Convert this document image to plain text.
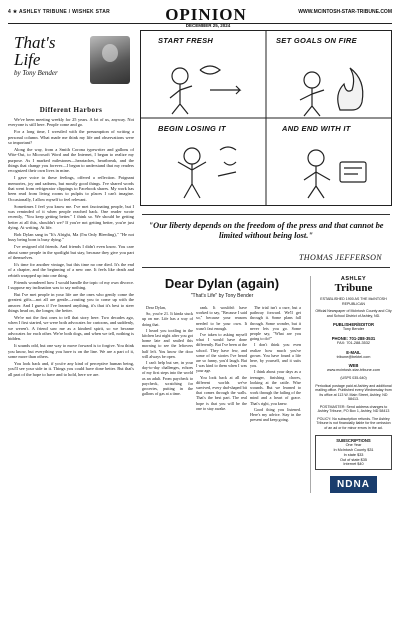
4 ★ ASHLEY TRIBUNE / WISHEK STAR	OPINION
DECEMBER 25, 2024
WWW.MCINTOSH-STAR-TRIBUNE.COM
That's
Life
by Tony Bender
Different Harbors

We've been meeting weekly for 25 years. A lot of us, anyway. Not everyone is still here. People come and go.

For a long time, I wrestled with the presumption of writing a personal column. What made me think my life and observations were so important?

Along the way, from a Smith Corona typewriter and gallons of Wite-Out, to Microsoft Word and the Internet, I began to realize my purpose. As I marked milestones—heartaches, heartbreak, and the things that change you forever—I began to understand that my readers recognized their own lives in mine.

I gave voice to these feelings, offered a reflection. Poignant memories, joy and sadness, but mostly good things. I've shared words that went from refrigerator clippings to Facebook shares. My work has been read from living rooms to pulpits to places I can't imagine. Occasionally, I allow myself to feel relevant.

Sometimes I feel you know me. I've met fascinating people, but I was reminded of it when people reached back. One reader wrote recently, "You keep getting better." I think so. We should be getting better at all this, shouldn't we? If you're not getting better, you're just dying. At writing. At life.

Bob Dylan sang in "It's Alright, Ma (I'm Only Bleeding)," "He not busy being born is busy dying."

I've resigned old friends. And friends I didn't even know. You care about some people in the spotlight but stay, because they give you part of themselves.

It's time for another vintage, but this time no one died. It's the end of a chapter, and the beginning of a new one. It feels like death and rebirth wrapped up into one thing.

Friends wondered how I would handle the topic of my own divorce. I suppose my inclination was to say nothing.

But I've met people in your life are the ones who gently come the greatest gifts—not all are gentle—routing you to come up with the answer. And I guess if I've learned anything, it's that it's best to steer things head on, the longer, the better.

We're not the first ones to tell that story here. Two decades ago, when I first started, we were both advocates for cartoons, and suddenly, we weren't. A friend saw me as a kindred spirit, so we became advocates for each other. We're both dogs, and when we tell, nothing is hidden.

It sounds odd, but one way to move forward is to forgive. You think you know, but everything you have is on the line. We are a part of it, some more than others.

You look back and, if you're any kind of perceptive human being, you'll see your side in it. Things you could have done better. But that's all part of the hope to have and to hold, here we are.

START FRESH	SET GOALS ON FIRE
BEGIN LOSING IT	AND END WITH IT
"Our liberty depends on the freedom of the press and that cannot be limited without being lost."
THOMAS JEFFERSON
Dear Dylan (again)
"That's Life" by Tony Bender

Dear Dylan,

So, you're 21. It kinda stuck up on me. Life has a way of doing that.

I heard you tootling in the kitchen last night after you got home late and smiled this morning to see the leftovers half left. You know the door will always be open.

I can't help but see, in your day-to-day challenges, echoes of my first steps into the world as an adult. From paycheck to paycheck, scratching for groceries, putting in the gallons of gas at a time.

rank. It wouldn't have worked to say, "Because I said so," because your reasons needed to be your own. It wasn't fast enough.

I've taken to asking myself what I would have done differently. But I've been at the school. They have few, and some of the stories I've heard are so funny, you'd laugh. But I was kind to them when I was your age.

You look back at all the different worlds we've survived, every dad-shaped bit that comes through the walls. That's the best part. The real hope is that you will be the one to stay awake.

The trial isn't a cure, but a pathway forward. We'll get through it. Some plans fall through. Some wonder, but it never lets you go. Some people say, "What are you going to do?"

I don't think you even realize how much you've grown. You have found a life here, by yourself, and it suits you.

I think about your days as a teenager, finishing chores, looking at the cattle. Wise wounds. But we learned to work through the failing of the mind and a heart of grace. That's right, you knew.

Good thing you listened. Here's my advice. Stay in the present and keep going.

ASHLEY
Tribune
ESTABLISHED 1900 AS THE McINTOSH REPUBLICAN
Official Newspaper of McIntosh County and City and School District of Ashley, ND.
PUBLISHER/EDITOR
Tony Bender
PHONE: 701-288-3531
FAX: 701-288-3532
E-MAIL
tribune@bektel.com
WEB
www.mcintosh-star-tribune.com
(USPS 035-640)
Periodical postage paid at Ashley and additional mailing office. Published every Wednesday from its office at 113 W. Main Street, Ashley, ND 58413.
POSTMASTER: Send address changes to Ashley Tribune, PO Box 1, Ashley, ND 58413
POLICY: No subscription refunds. The Ashley Tribune is not financially liable for the omission of an ad or for minor errors in the ad.
SUBSCRIPTIONS
One Year
In McIntosh County $31
In state $33
Out of state $35
Internet $40
NDNA
